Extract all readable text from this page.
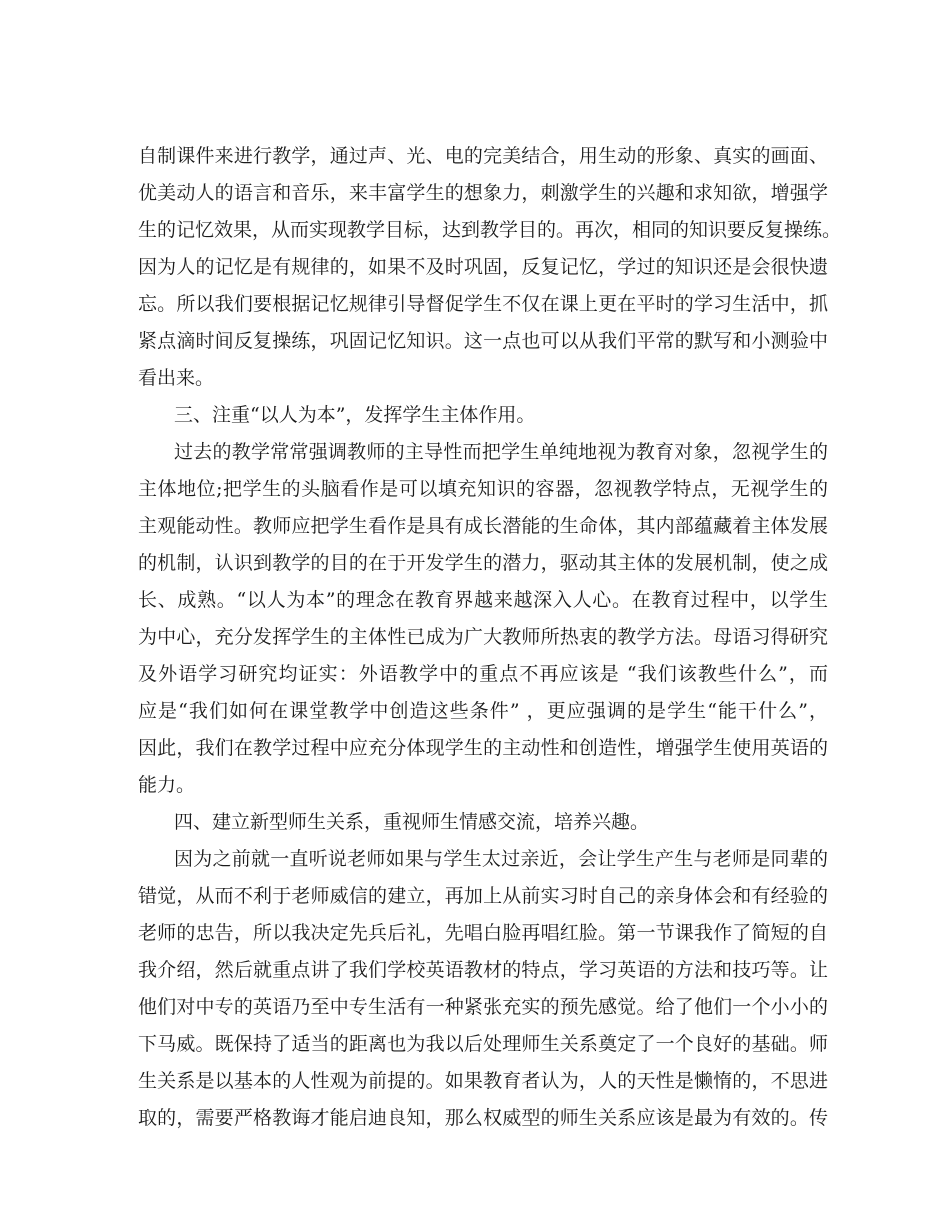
自制课件来进行教学，通过声、光、电的完美结合，用生动的形象、真实的画面、
优美动人的语言和音乐，来丰富学生的想象力，刺激学生的兴趣和求知欲，增强学
生的记忆效果，从而实现教学目标，达到教学目的。再次，相同的知识要反复操练。
因为人的记忆是有规律的，如果不及时巩固，反复记忆，学过的知识还是会很快遗
忘。所以我们要根据记忆规律引导督促学生不仅在课上更在平时的学习生活中，抓
紧点滴时间反复操练，巩固记忆知识。这一点也可以从我们平常的默写和小测验中
看出来。
三、注重“以人为本”，发挥学生主体作用。
过去的教学常常强调教师的主导性而把学生单纯地视为教育对象，忽视学生的
主体地位;把学生的头脑看作是可以填充知识的容器，忽视教学特点，无视学生的
主观能动性。教师应把学生看作是具有成长潜能的生命体，其内部蕴藏着主体发展
的机制，认识到教学的目的在于开发学生的潜力，驱动其主体的发展机制，使之成
长、成熟。“以人为本”的理念在教育界越来越深入人心。在教育过程中，以学生
为中心，充分发挥学生的主体性已成为广大教师所热衷的教学方法。母语习得研究
及外语学习研究均证实：外语教学中的重点不再应该是 “我们该教些什么”，而
应是“我们如何在课堂教学中创造这些条件” ，更应强调的是学生“能干什么”，
因此，我们在教学过程中应充分体现学生的主动性和创造性，增强学生使用英语的
能力。
四、建立新型师生关系，重视师生情感交流，培养兴趣。
因为之前就一直听说老师如果与学生太过亲近，会让学生产生与老师是同辈的
错觉，从而不利于老师威信的建立，再加上从前实习时自己的亲身体会和有经验的
老师的忠告，所以我决定先兵后礼，先唱白脸再唱红脸。第一节课我作了简短的自
我介绍，然后就重点讲了我们学校英语教材的特点，学习英语的方法和技巧等。让
他们对中专的英语乃至中专生活有一种紧张充实的预先感觉。给了他们一个小小的
下马威。既保持了适当的距离也为我以后处理师生关系奠定了一个良好的基础。师
生关系是以基本的人性观为前提的。如果教育者认为，人的天性是懒惰的，不思进
取的，需要严格教诲才能启迪良知，那么权威型的师生关系应该是最为有效的。传
